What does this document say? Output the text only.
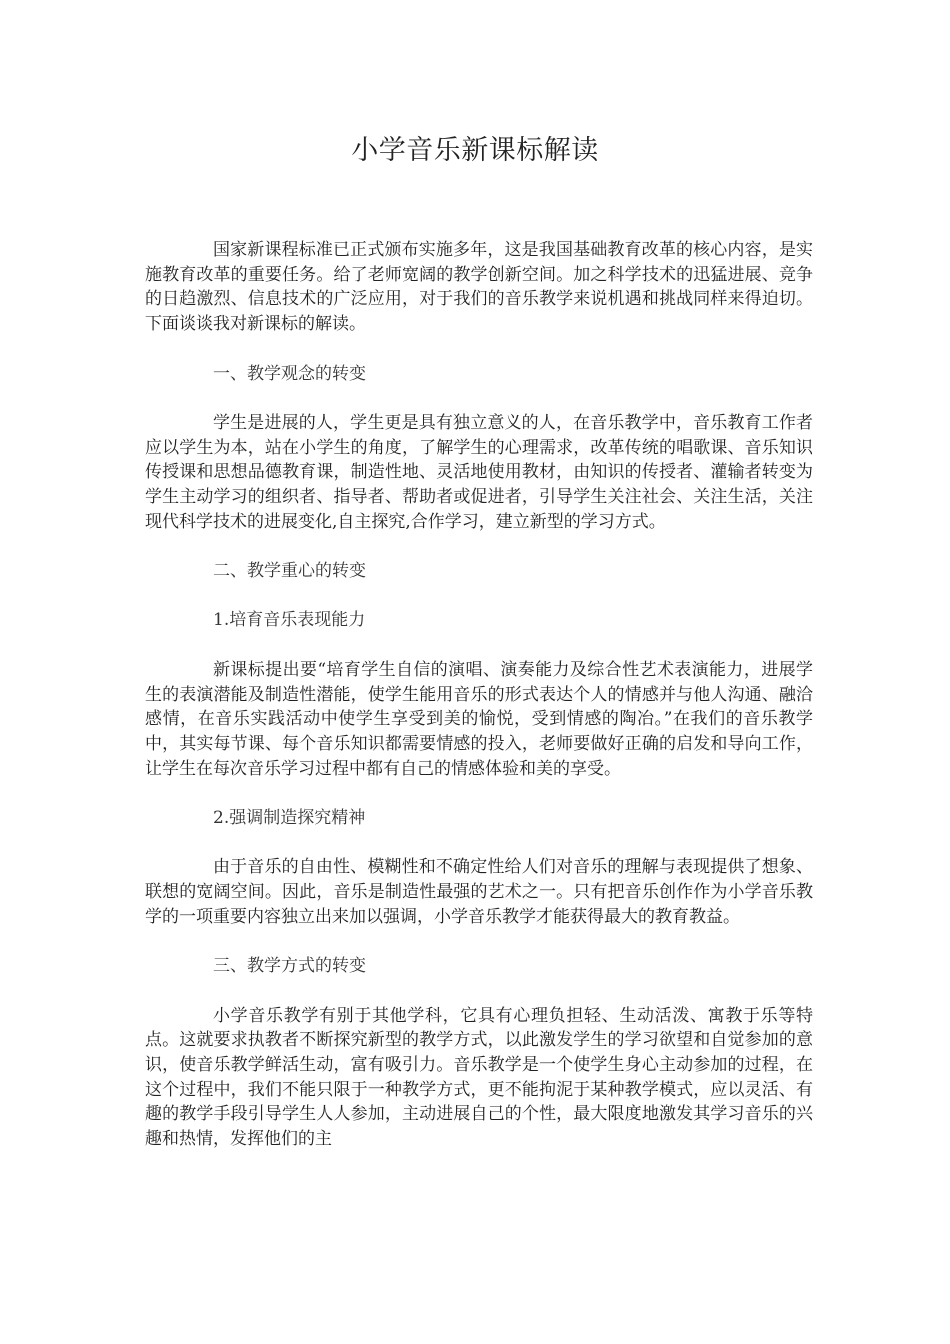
小学音乐新课标解读

国家新课程标准已正式颁布实施多年，这是我国基础教育改革的核心内容，是实施教育改革的重要任务。给了老师宽阔的教学创新空间。加之科学技术的迅猛进展、竞争的日趋激烈、信息技术的广泛应用，对于我们的音乐教学来说机遇和挑战同样来得迫切。下面谈谈我对新课标的解读。

一、教学观念的转变

学生是进展的人，学生更是具有独立意义的人，在音乐教学中，音乐教育工作者应以学生为本，站在小学生的角度，了解学生的心理需求，改革传统的唱歌课、音乐知识传授课和思想品德教育课，制造性地、灵活地使用教材，由知识的传授者、灌输者转变为学生主动学习的组织者、指导者、帮助者或促进者，引导学生关注社会、关注生活，关注现代科学技术的进展变化,自主探究,合作学习，建立新型的学习方式。

二、教学重心的转变

1.培育音乐表现能力

新课标提出要“培育学生自信的演唱、演奏能力及综合性艺术表演能力，进展学生的表演潜能及制造性潜能，使学生能用音乐的形式表达个人的情感并与他人沟通、融洽感情，在音乐实践活动中使学生享受到美的愉悦，受到情感的陶冶。”在我们的音乐教学中，其实每节课、每个音乐知识都需要情感的投入，老师要做好正确的启发和导向工作，让学生在每次音乐学习过程中都有自己的情感体验和美的享受。

2.强调制造探究精神

由于音乐的自由性、模糊性和不确定性给人们对音乐的理解与表现提供了想象、联想的宽阔空间。因此，音乐是制造性最强的艺术之一。只有把音乐创作作为小学音乐教学的一项重要内容独立出来加以强调，小学音乐教学才能获得最大的教育教益。

三、教学方式的转变

小学音乐教学有别于其他学科，它具有心理负担轻、生动活泼、寓教于乐等特点。这就要求执教者不断探究新型的教学方式，以此激发学生的学习欲望和自觉参加的意识，使音乐教学鲜活生动，富有吸引力。音乐教学是一个使学生身心主动参加的过程，在这个过程中，我们不能只限于一种教学方式，更不能拘泥于某种教学模式，应以灵活、有趣的教学手段引导学生人人参加，主动进展自己的个性，最大限度地激发其学习音乐的兴趣和热情，发挥他们的主
